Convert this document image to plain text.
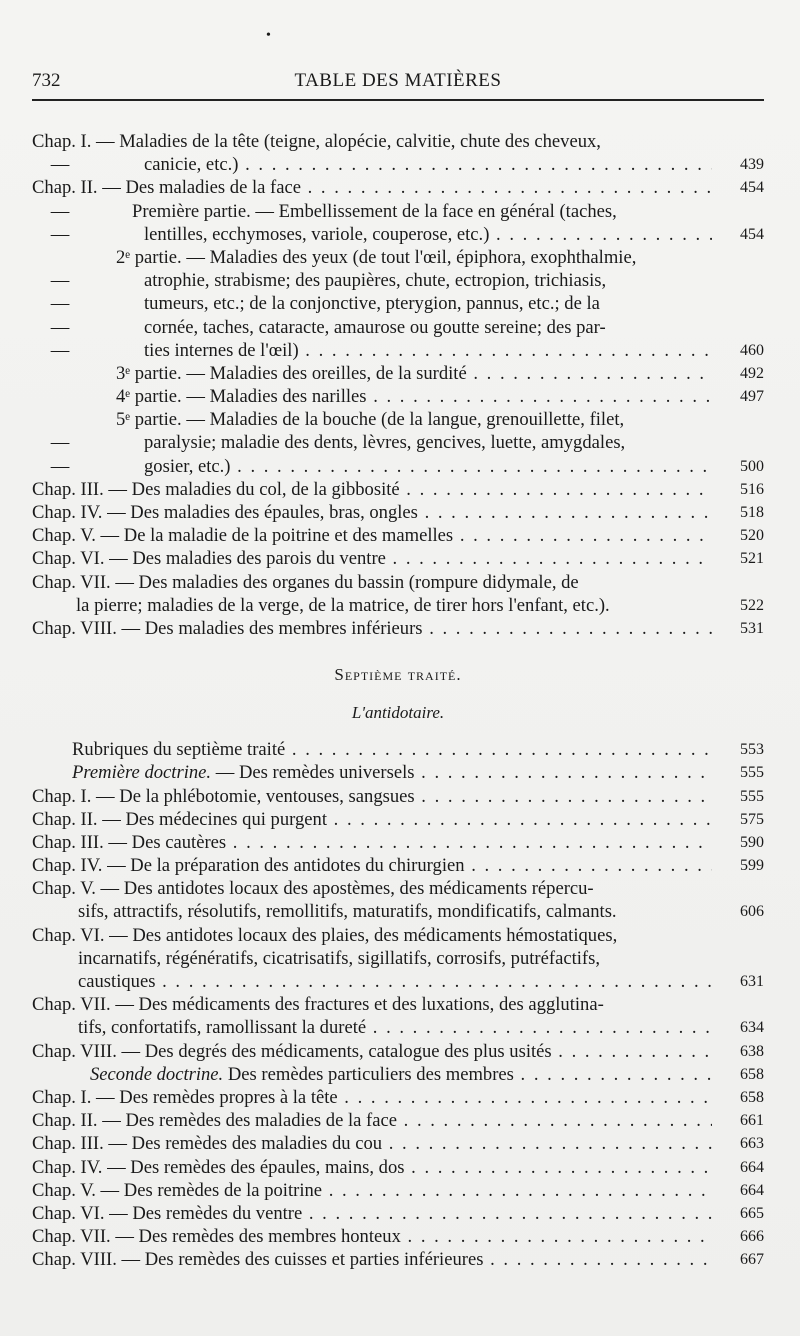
•
732	TABLE DES MATIÈRES
Chap. I. — Maladies de la tête (teigne, alopécie, calvitie, chute des cheveux,
—	canicie, etc.) . . .	439
Chap. II. — Des maladies de la face . . .	454
—	Première partie. — Embellissement de la face en général (taches,
—	lentilles, ecchymoses, variole, couperose, etc.) . . .	454
2ᵉ partie. — Maladies des yeux (de tout l'œil, épiphora, exophthalmie,
—	atrophie, strabisme; des paupières, chute, ectropion, trichiasis,
—	tumeurs, etc.; de la conjonctive, pterygion, pannus, etc.; de la
—	cornée, taches, cataracte, amaurose ou goutte sereine; des par-
—	ties internes de l'œil) . . .	460
3ᵉ partie. — Maladies des oreilles, de la surdité . . .	492
4ᵉ partie. — Maladies des narilles . . .	497
5ᵉ partie. — Maladies de la bouche (de la langue, grenouillette, filet,
—	paralysie; maladie des dents, lèvres, gencives, luette, amygdales,
—	gosier, etc.) . . .	500
Chap. III. — Des maladies du col, de la gibbosité . . .	516
Chap. IV. — Des maladies des épaules, bras, ongles . . .	518
Chap. V. — De la maladie de la poitrine et des mamelles . . .	520
Chap. VI. — Des maladies des parois du ventre . . .	521
Chap. VII. — Des maladies des organes du bassin (rompure didymale, de
la pierre; maladies de la verge, de la matrice, de tirer hors l'enfant, etc.).	522
Chap. VIII. — Des maladies des membres inférieurs . . .	531
Septième traité.
L'antidotaire.
Rubriques du septième traité . . .	553
Première doctrine. — Des remèdes universels . . .	555
Chap. I. — De la phlébotomie, ventouses, sangsues . . .	555
Chap. II. — Des médecines qui purgent . . .	575
Chap. III. — Des cautères . . .	590
Chap. IV. — De la préparation des antidotes du chirurgien . . .	599
Chap. V. — Des antidotes locaux des apostèmes, des médicaments répercu-
sifs, attractifs, résolutifs, remollitifs, maturatifs, mondificatifs, calmants.	606
Chap. VI. — Des antidotes locaux des plaies, des médicaments hémostatiques,
incarnatifs, régénératifs, cicatrisatifs, sigillatifs, corrosifs, putréfactifs,
caustiques . . .	631
Chap. VII. — Des médicaments des fractures et des luxations, des agglutina-
tifs, confortatifs, ramollissant la dureté . . .	634
Chap. VIII. — Des degrés des médicaments, catalogue des plus usités . . .	638
Seconde doctrine. Des remèdes particuliers des membres . . .	658
Chap. I. — Des remèdes propres à la tête . . .	658
Chap. II. — Des remèdes des maladies de la face . . .	661
Chap. III. — Des remèdes des maladies du cou . . .	663
Chap. IV. — Des remèdes des épaules, mains, dos . . .	664
Chap. V. — Des remèdes de la poitrine . . .	664
Chap. VI. — Des remèdes du ventre . . .	665
Chap. VII. — Des remèdes des membres honteux . . .	666
Chap. VIII. — Des remèdes des cuisses et parties inférieures . . .	667
